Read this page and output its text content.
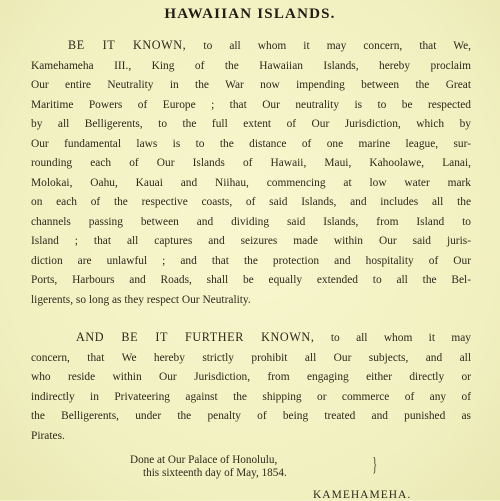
HAWAIIAN ISLANDS.
BE IT KNOWN, to all whom it may concern, that We,
Kamehameha III., King of the Hawaiian Islands, hereby proclaim
Our entire Neutrality in the War now impending between the Great
Maritime Powers of Europe ; that Our neutrality is to be respected
by all Belligerents, to the full extent of Our Jurisdiction, which by
Our fundamental laws is to the distance of one marine league, sur-
rounding each of Our Islands of Hawaii, Maui, Kahoolawe, Lanai,
Molokai, Oahu, Kauai and Niihau, commencing at low water mark
on each of the respective coasts, of said Islands, and includes all the
channels passing between and dividing said Islands, from Island to
Island ; that all captures and seizures made within Our said juris-
diction are unlawful ; and that the protection and hospitality of Our
Ports, Harbours and Roads, shall be equally extended to all the Bel-
ligerents, so long as they respect Our Neutrality.
AND BE IT FURTHER KNOWN, to all whom it may
concern, that We hereby strictly prohibit all Our subjects, and all
who reside within Our Jurisdiction, from engaging either directly or
indirectly in Privateering against the shipping or commerce of any of
the Belligerents, under the penalty of being treated and punished as
Pirates.
Done at Our Palace of Honolulu,
this sixteenth day of May, 1854.	}
KAMEHAMEHA.
